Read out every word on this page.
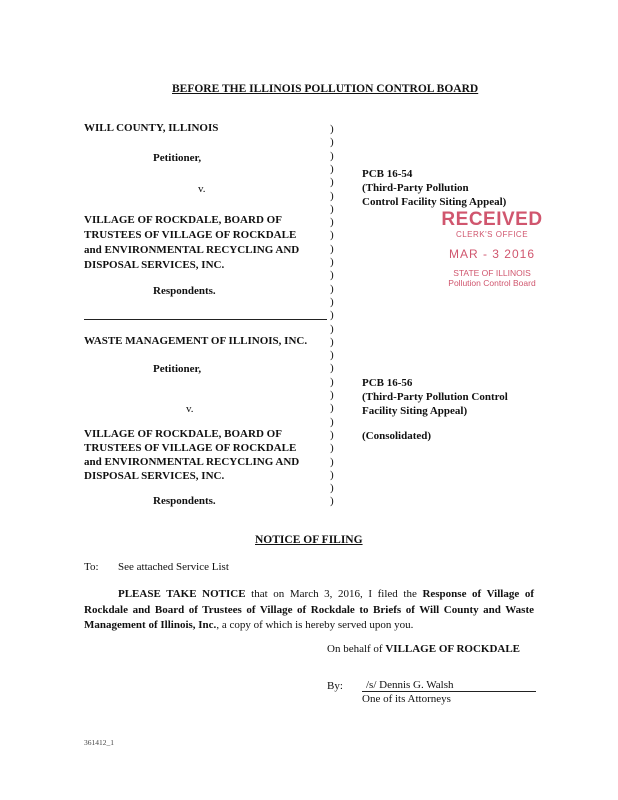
BEFORE THE ILLINOIS POLLUTION CONTROL BOARD
WILL COUNTY, ILLINOIS
Petitioner,
v.
VILLAGE OF ROCKDALE, BOARD OF
TRUSTEES OF VILLAGE OF ROCKDALE
and ENVIRONMENTAL RECYCLING AND
DISPOSAL SERVICES, INC.
Respondents.
PCB 16-54
(Third-Party Pollution
Control Facility Siting Appeal)
WASTE MANAGEMENT OF ILLINOIS, INC.
Petitioner,
v.
VILLAGE OF ROCKDALE, BOARD OF
TRUSTEES OF VILLAGE OF ROCKDALE
and ENVIRONMENTAL RECYCLING AND
DISPOSAL SERVICES, INC.
Respondents.
PCB 16-56
(Third-Party Pollution Control
Facility Siting Appeal)
(Consolidated)
)
)
)
)
)
)
)
)
)
)
)
)
)
)
)
)
)
)
)
)
)
)
)
)
)
)
)
)
)
RECEIVED
CLERK'S OFFICE
MAR - 3 2016
STATE OF ILLINOIS
Pollution Control Board
NOTICE OF FILING
To: See attached Service List
PLEASE TAKE NOTICE that on March 3, 2016, I filed the Response of Village of Rockdale and Board of Trustees of Village of Rockdale to Briefs of Will County and Waste Management of Illinois, Inc., a copy of which is hereby served upon you.
On behalf of VILLAGE OF ROCKDALE
By: /s/ Dennis G. Walsh
One of its Attorneys
361412_1
